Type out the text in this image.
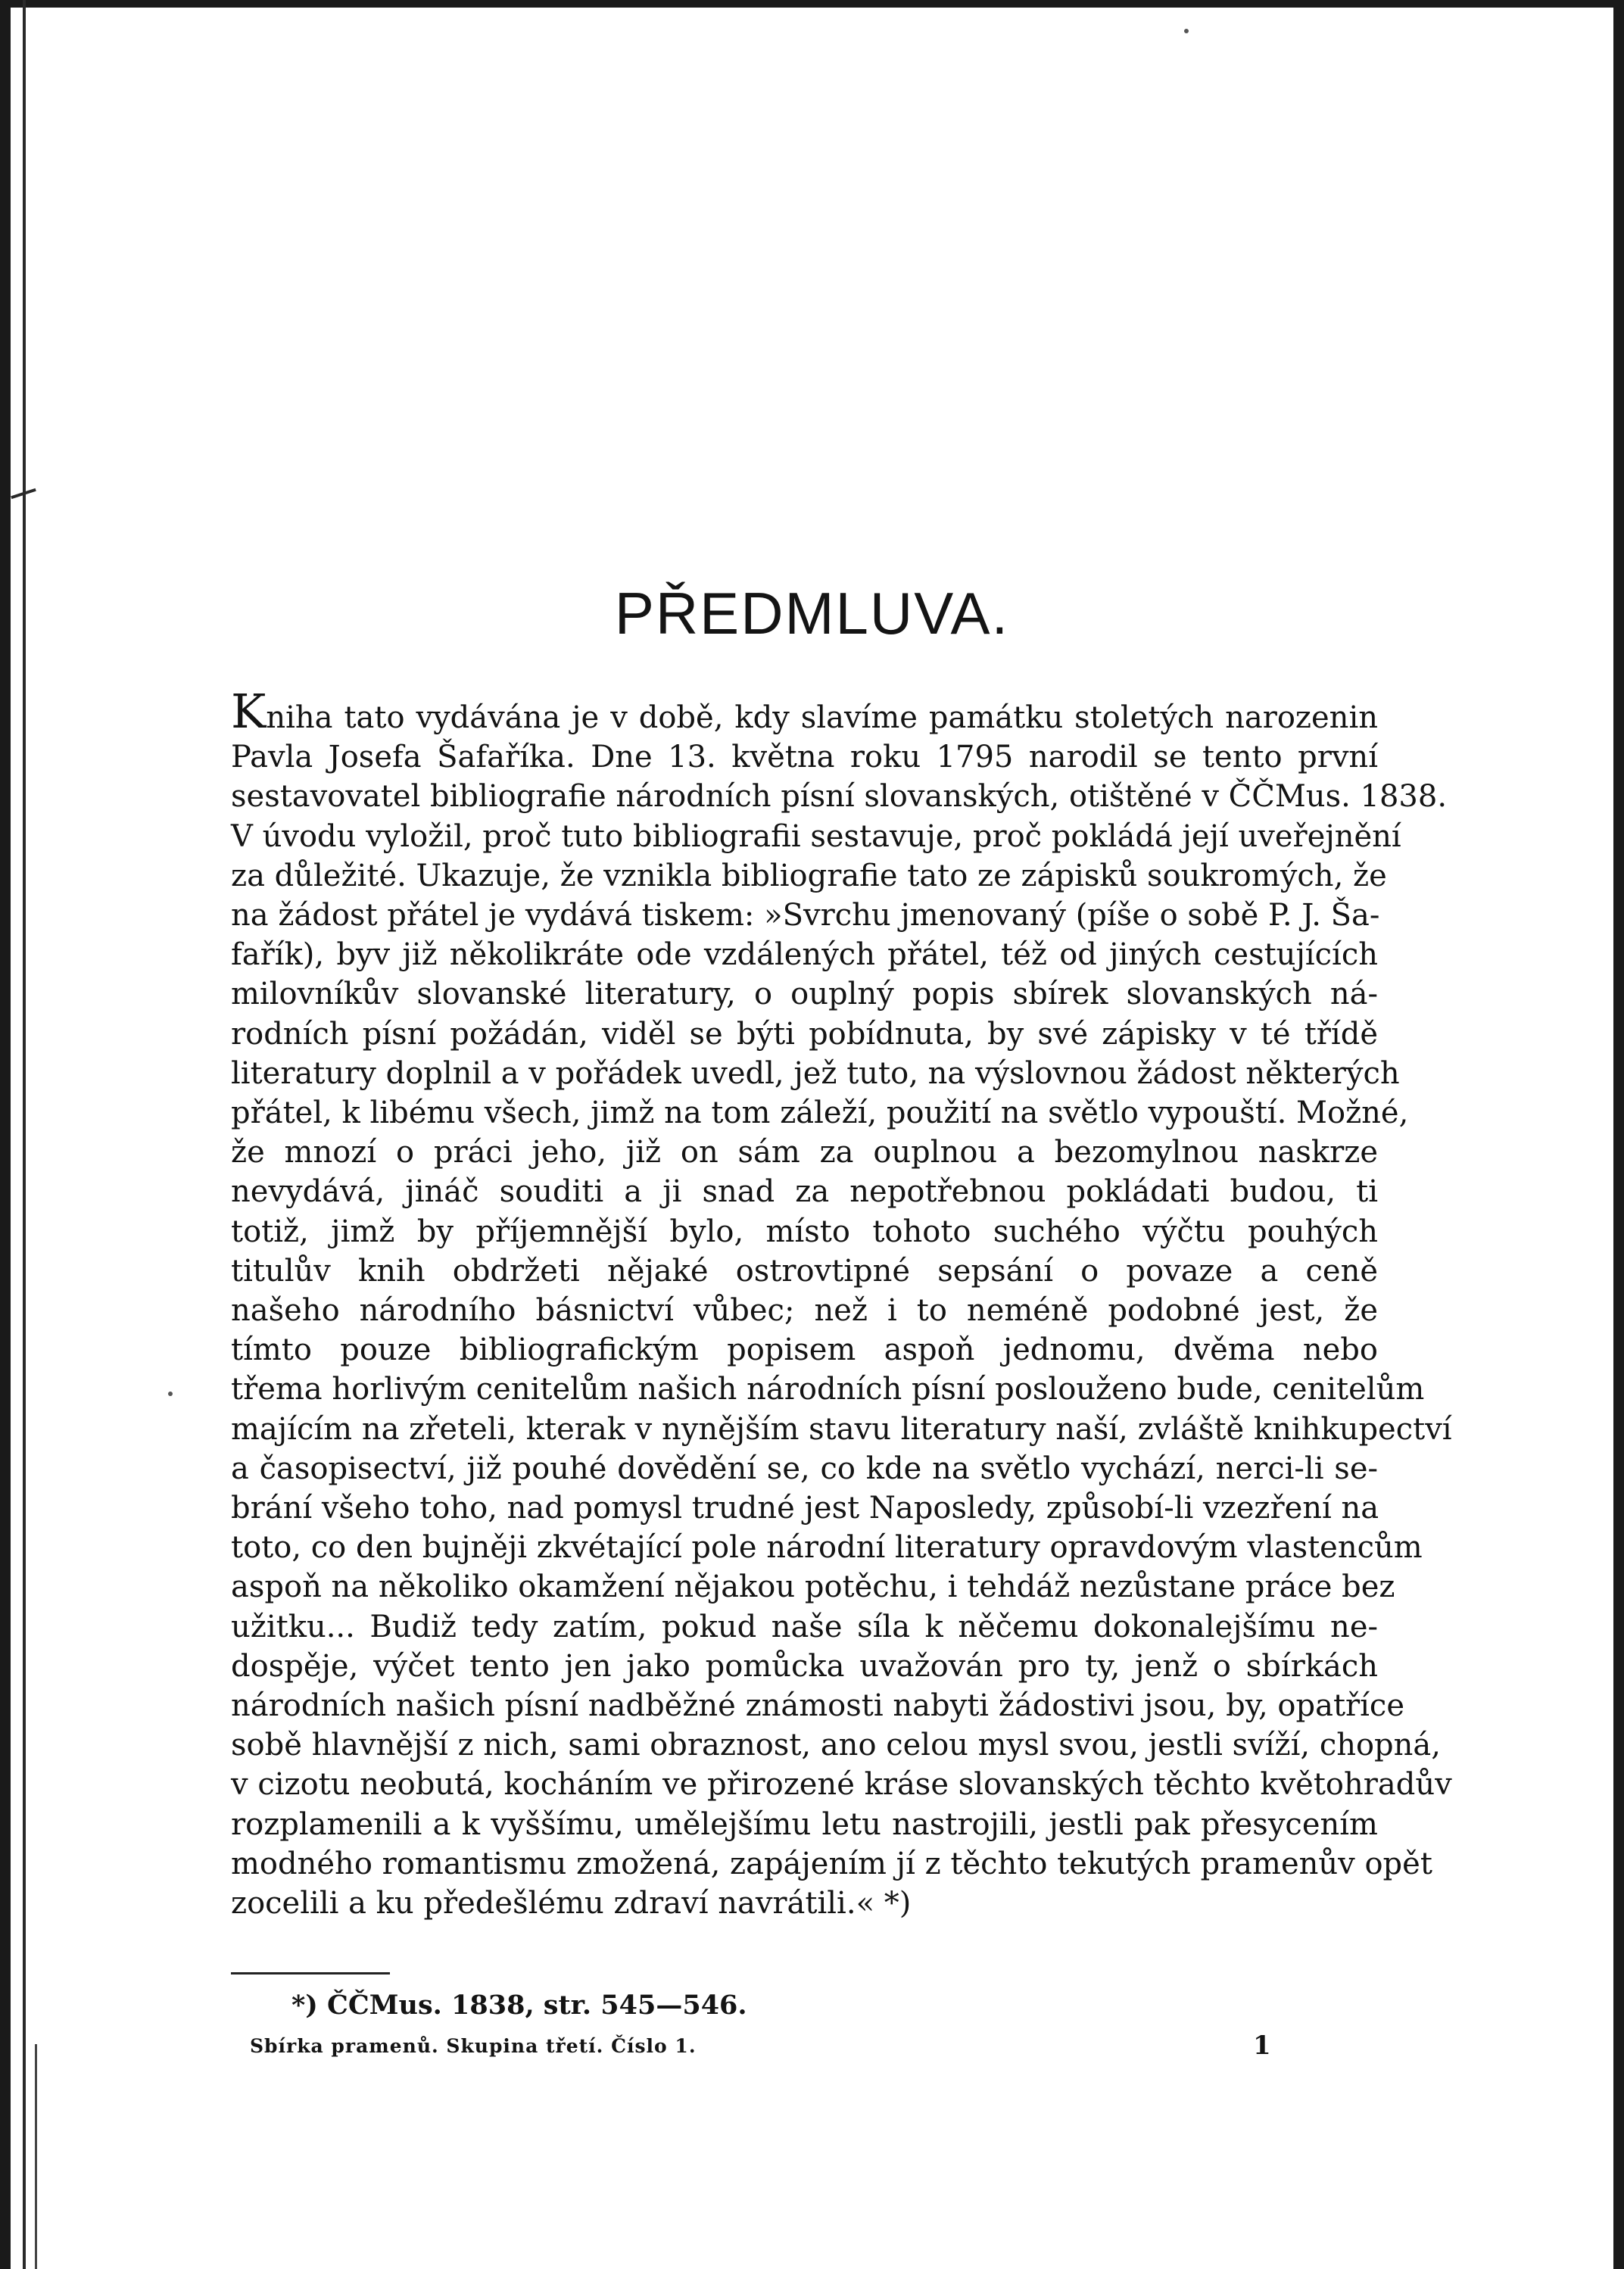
PŘEDMLUVA.
Kniha tato vydávána je v době, kdy slavíme památku stoletých narozenin
Pavla Josefa Šafaříka. Dne 13. května roku 1795 narodil se tento první
sestavovatel bibliografie národních písní slovanských, otištěné v ČČMus. 1838.
V úvodu vyložil, proč tuto bibliografii sestavuje, proč pokládá její uveřejnění
za důležité. Ukazuje, že vznikla bibliografie tato ze zápisků soukromých, že
na žádost přátel je vydává tiskem: »Svrchu jmenovaný (píše o sobě P. J. Ša-
fařík), byv již několikráte ode vzdálených přátel, též od jiných cestujících
milovníkův slovanské literatury, o ouplný popis sbírek slovanských ná-
rodních písní požádán, viděl se býti pobídnuta, by své zápisky v té třídě
literatury doplnil a v pořádek uvedl, jež tuto, na výslovnou žádost některých
přátel, k libému všech, jimž na tom záleží, použití na světlo vypouští. Možné,
že mnozí o práci jeho, již on sám za ouplnou a bezomylnou naskrze
nevydává, jináč souditi a ji snad za nepotřebnou pokládati budou, ti
totiž, jimž by příjemnější bylo, místo tohoto suchého výčtu pouhých
titulův knih obdržeti nějaké ostrovtipné sepsání o povaze a ceně
našeho národního básnictví vůbec; než i to neméně podobné jest, že
tímto pouze bibliografickým popisem aspoň jednomu, dvěma nebo
třema horlivým cenitelům našich národních písní poslouženo bude, cenitelům
majícím na zřeteli, kterak v nynějším stavu literatury naší, zvláště knihkupectví
a časopisectví, již pouhé dovědění se, co kde na světlo vychází, nerci-li se-
brání všeho toho, nad pomysl trudné jest Naposledy, způsobí-li vzezření na
toto, co den bujněji zkvétající pole národní literatury opravdovým vlastencům
aspoň na několiko okamžení nějakou potěchu, i tehdáž nezůstane práce bez
užitku... Budiž tedy zatím, pokud naše síla k něčemu dokonalejšímu ne-
dospěje, výčet tento jen jako pomůcka uvažován pro ty, jenž o sbírkách
národních našich písní nadběžné známosti nabyti žádostivi jsou, by, opatříce
sobě hlavnější z nich, sami obraznost, ano celou mysl svou, jestli svíží, chopná,
v cizotu neobutá, kocháním ve přirozené kráse slovanských těchto květohradův
rozplamenili a k vyššímu, umělejšímu letu nastrojili, jestli pak přesycením
modného romantismu zmožená, zapájením jí z těchto tekutých pramenův opět
zocelili a ku předešlému zdraví navrátili.« *)
*) ČČMus. 1838, str. 545—546.
Sbírka pramenů. Skupina třetí. Číslo 1.	1
